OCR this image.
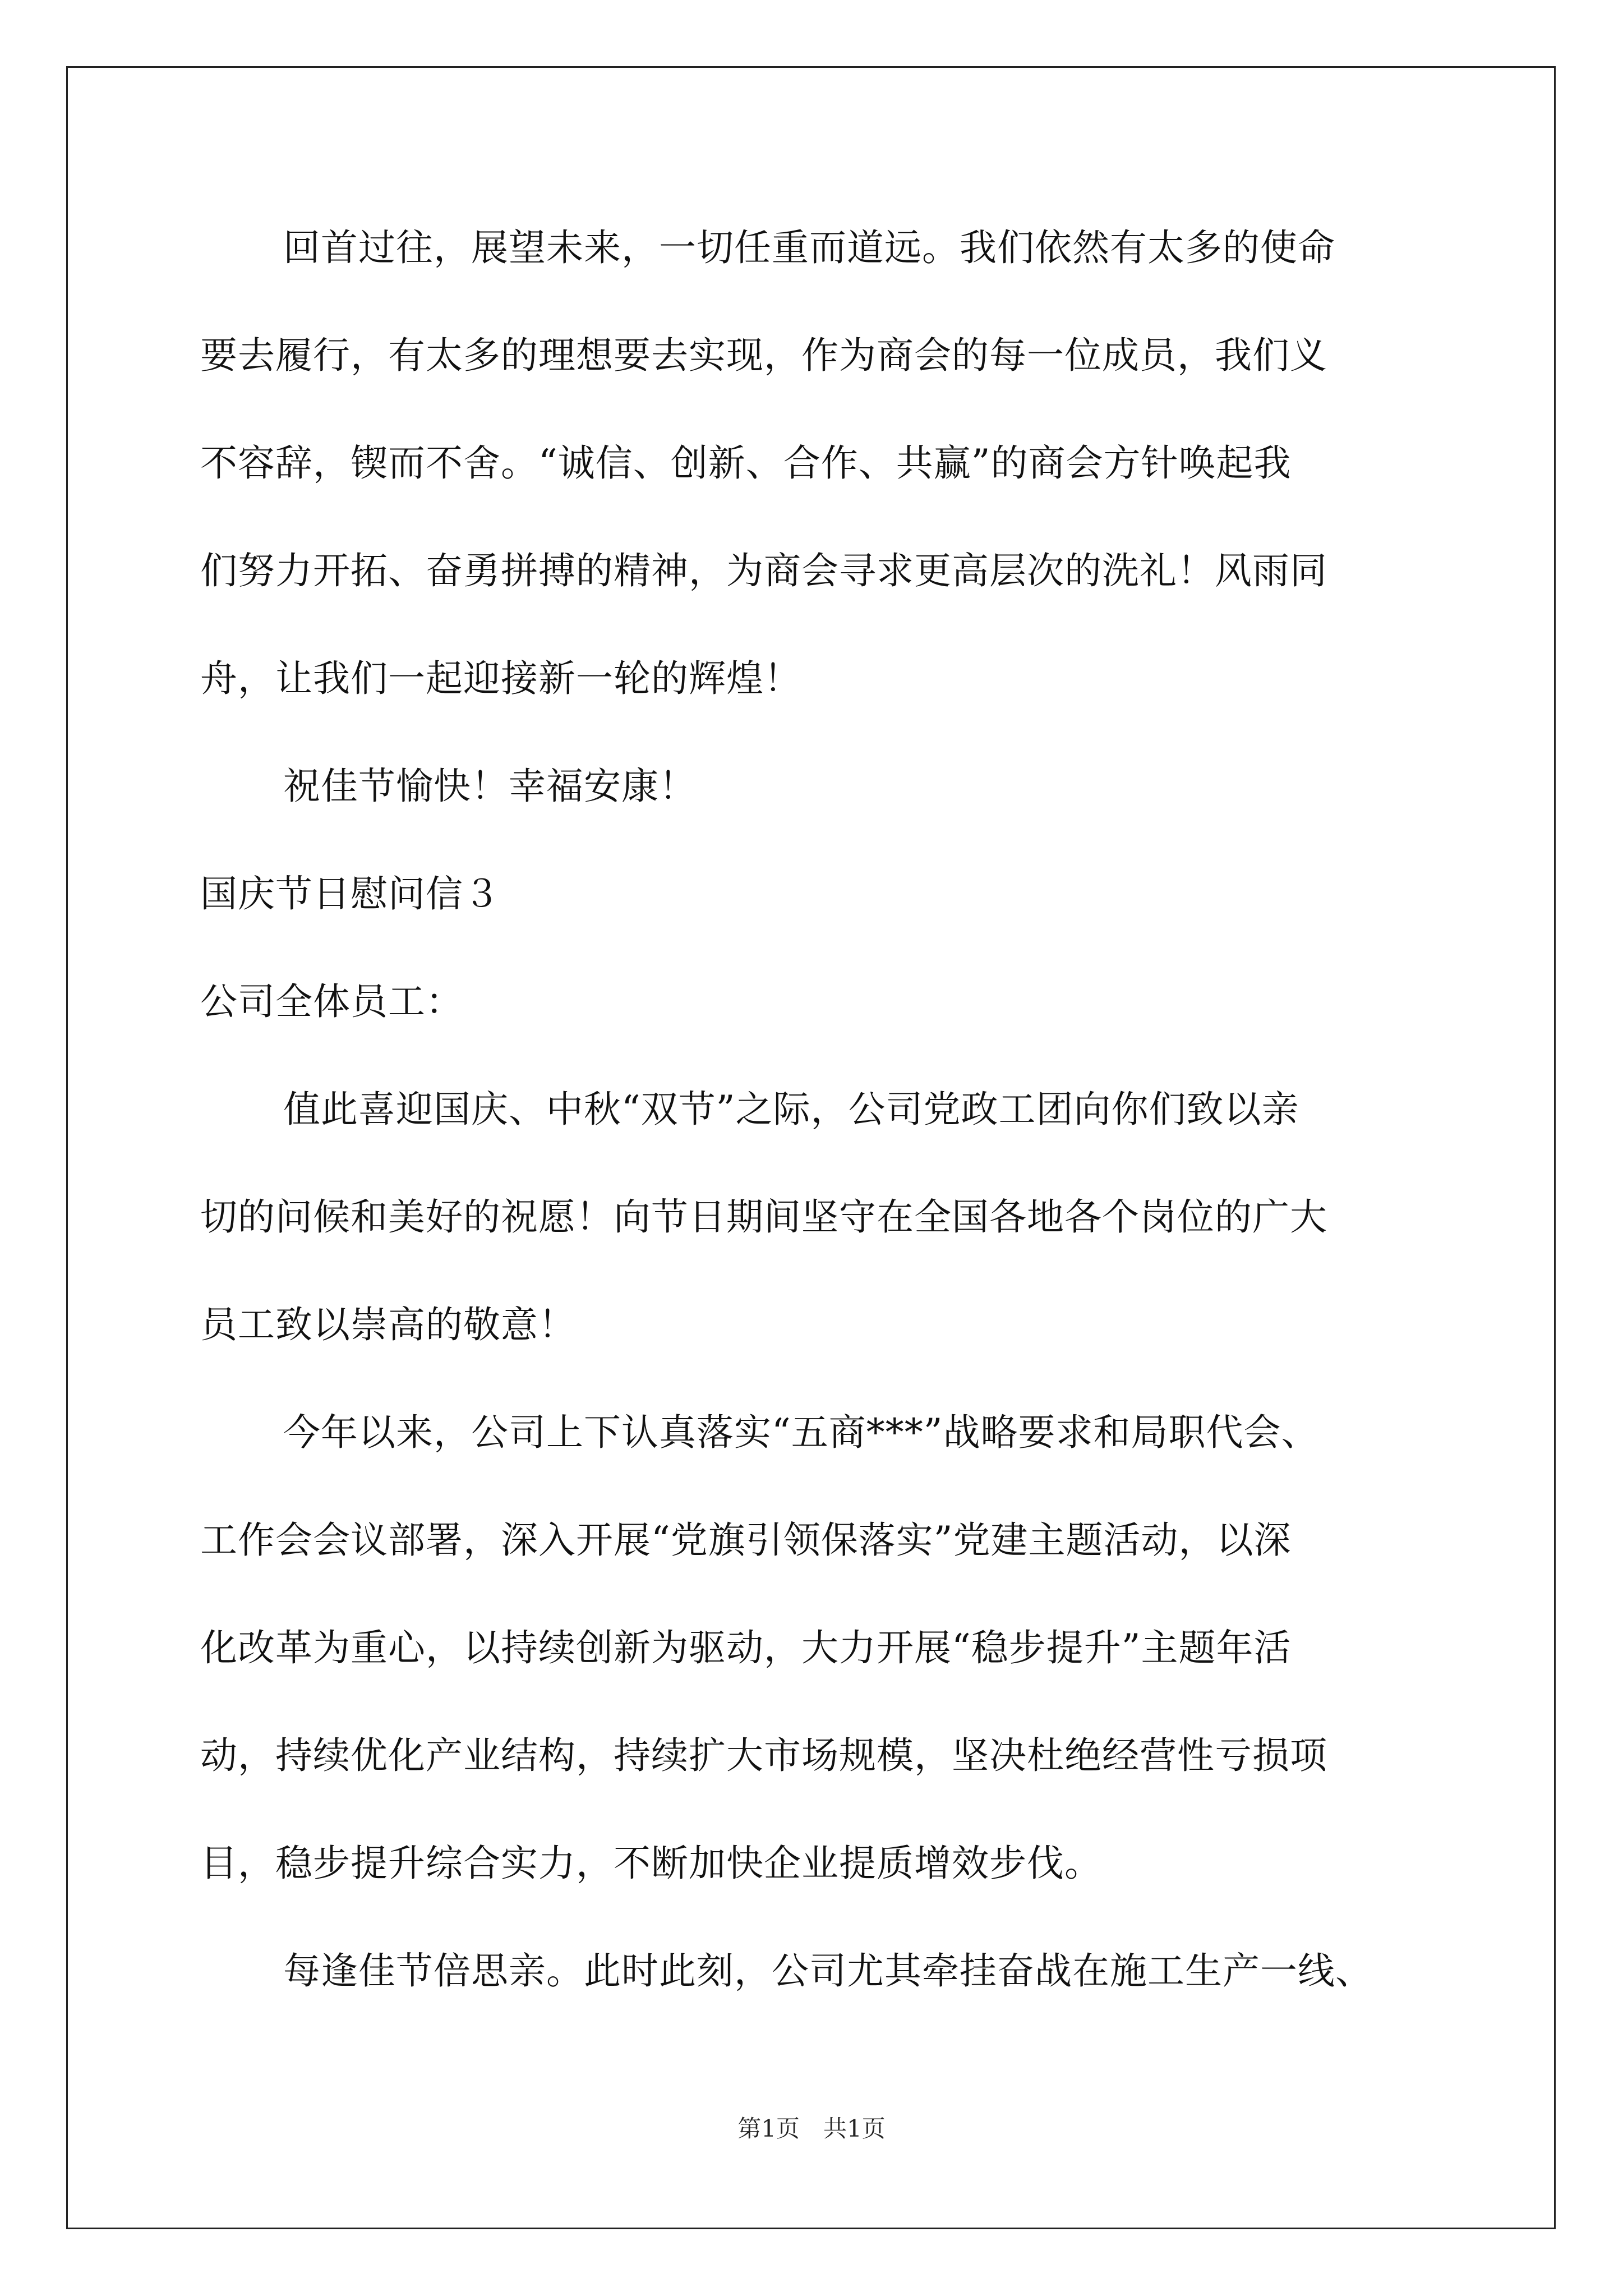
回首过往，展望未来，一切任重而道远。我们依然有太多的使命
要去履行，有太多的理想要去实现，作为商会的每一位成员，我们义
不容辞，锲而不舍。“诚信、创新、合作、共赢”的商会方针唤起我
们努力开拓、奋勇拼搏的精神，为商会寻求更高层次的洗礼！风雨同
舟，让我们一起迎接新一轮的辉煌！
祝佳节愉快！幸福安康！
国庆节日慰问信３
公司全体员工：
值此喜迎国庆、中秋“双节”之际，公司党政工团向你们致以亲
切的问候和美好的祝愿！向节日期间坚守在全国各地各个岗位的广大
员工致以崇高的敬意！
今年以来，公司上下认真落实“五商***”战略要求和局职代会、
工作会会议部署，深入开展“党旗引领保落实”党建主题活动，以深
化改革为重心，以持续创新为驱动，大力开展“稳步提升”主题年活
动，持续优化产业结构，持续扩大市场规模，坚决杜绝经营性亏损项
目，稳步提升综合实力，不断加快企业提质增效步伐。
每逢佳节倍思亲。此时此刻，公司尤其牵挂奋战在施工生产一线、
第1页　共1页
